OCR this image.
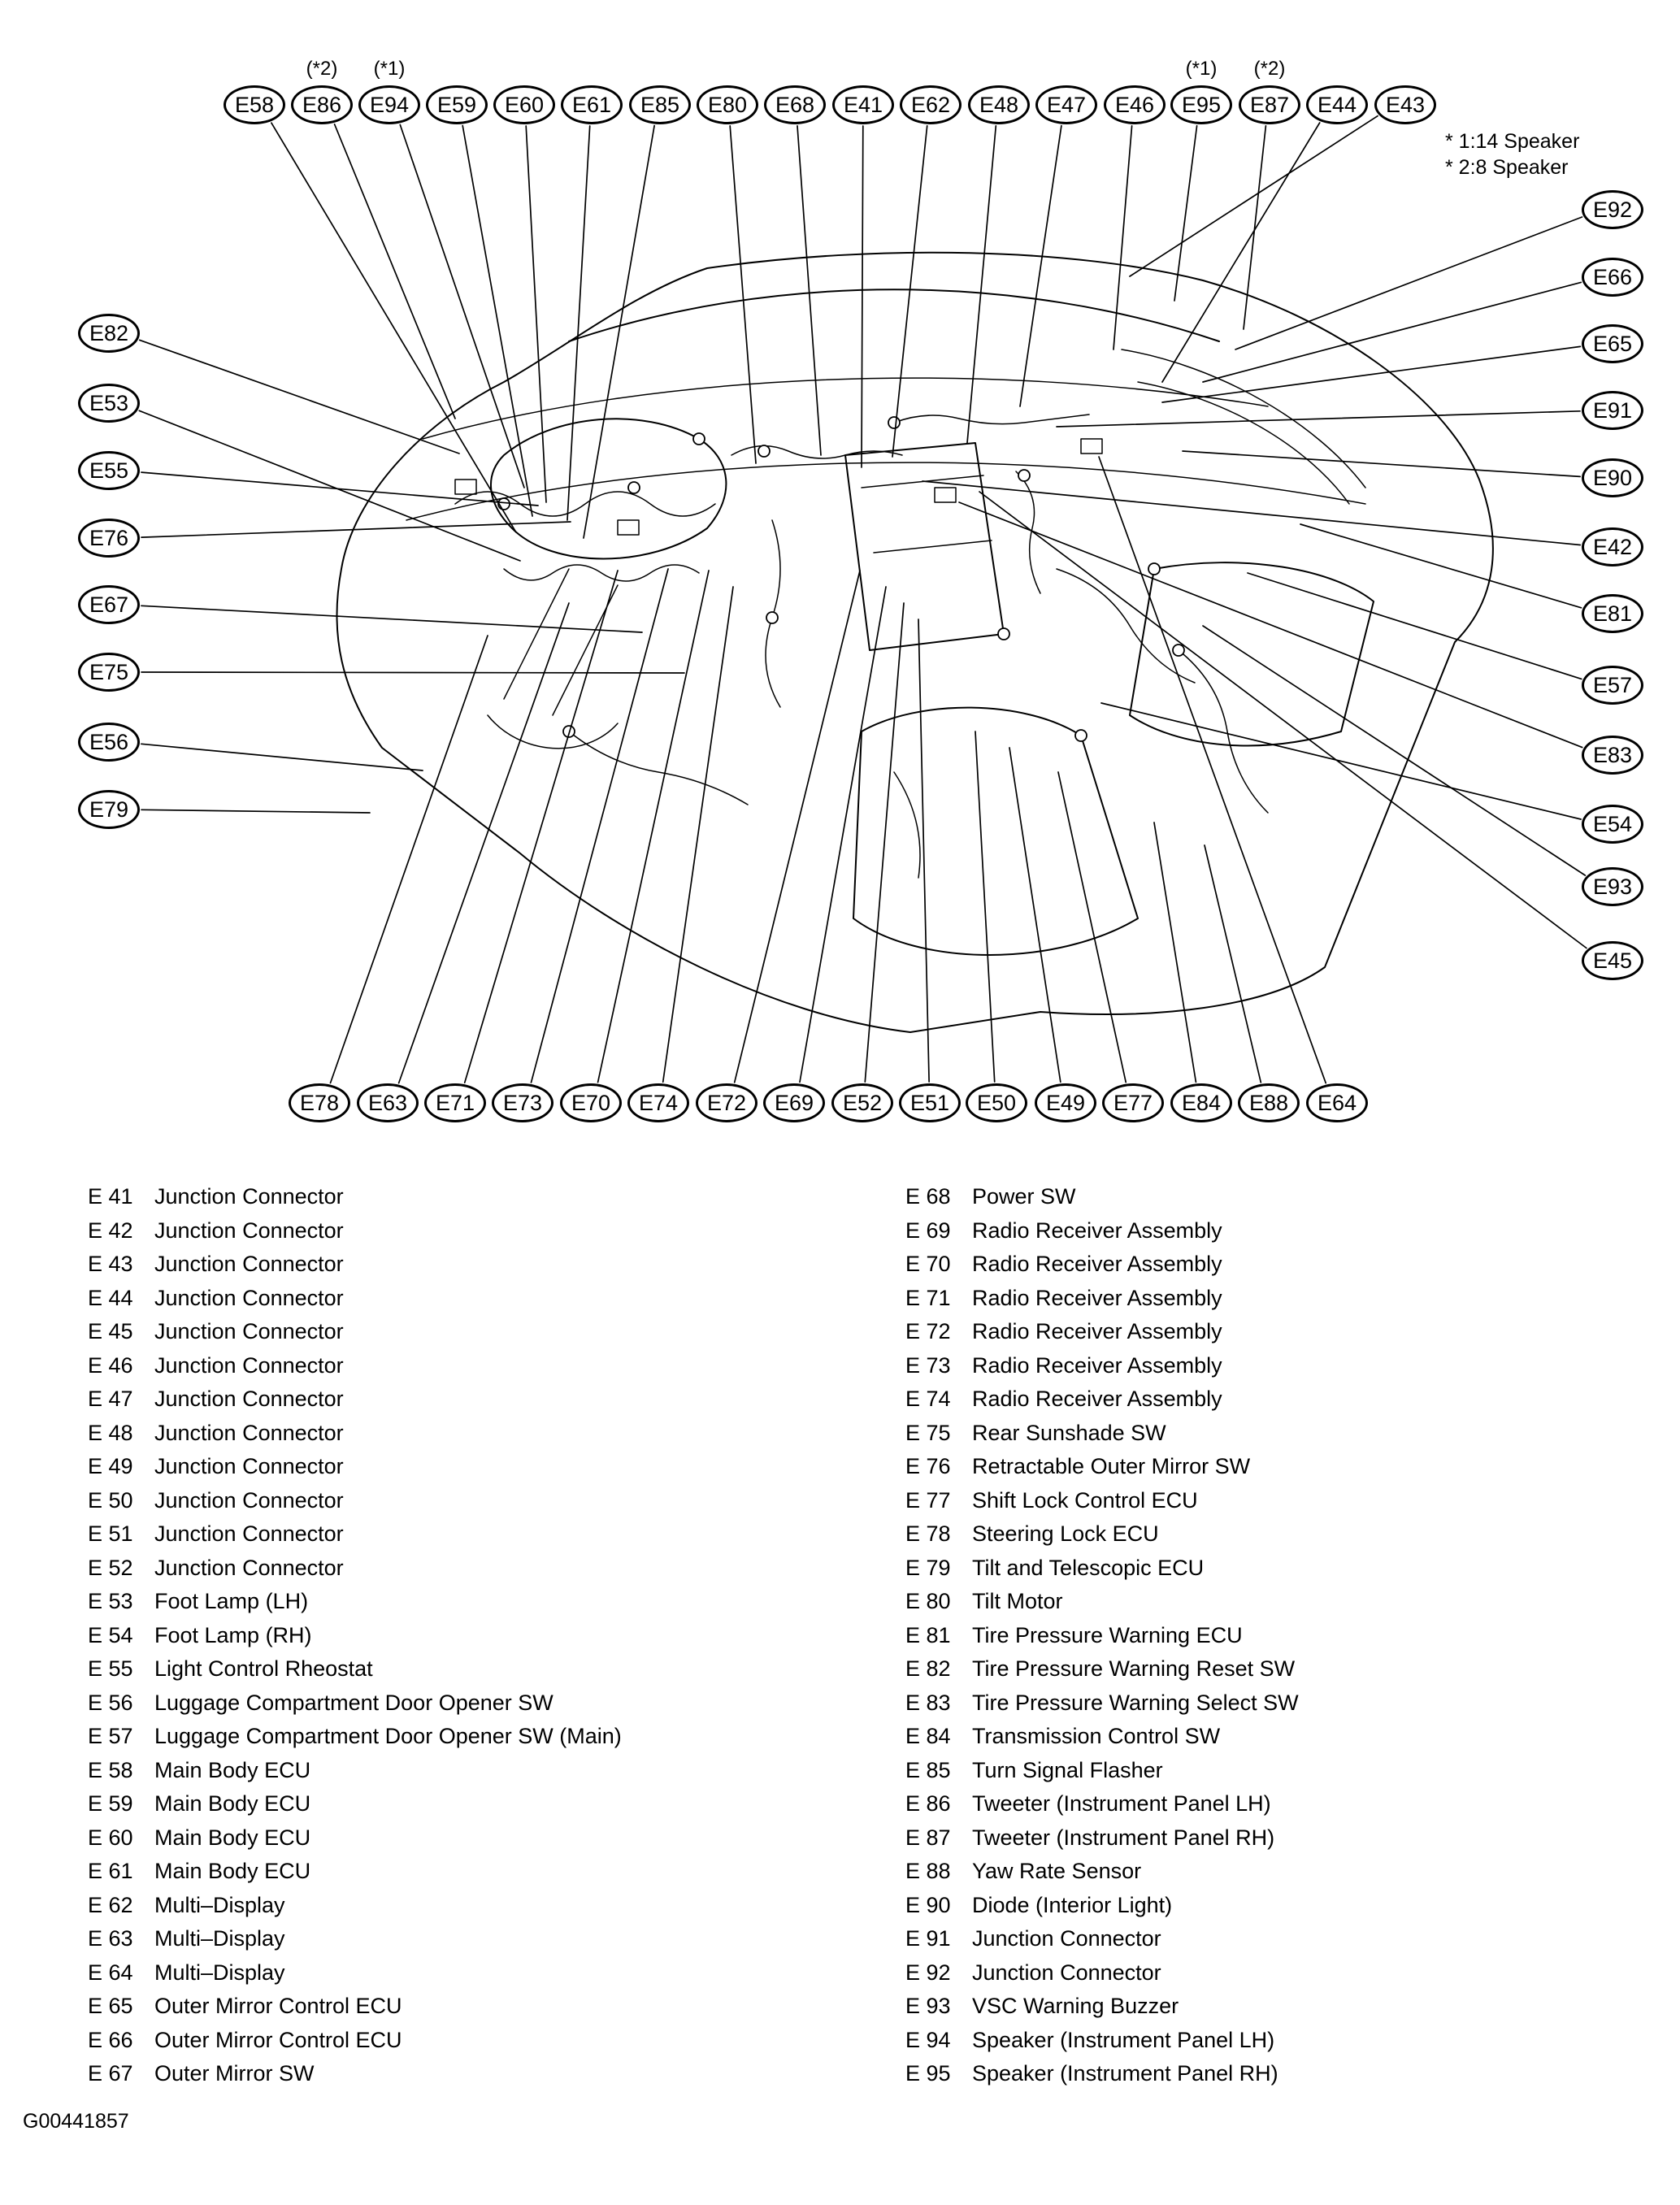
E58	E86
(*2)
E94
(*1)
E59	E60	E61	E85	E80	E68	E41	E62	E48	E47	E46	E95
(*1)
E87
(*2)
E44	E43
E92
E66
E65
E91
E90
E42
E81
E57
E83
E54
E93
E45
E82
E53
E55
E76
E67
E75
E56
E79
E78	E63	E71	E73	E70	E74	E72	E69	E52	E51	E50	E49	E77	E84	E88	E64
* 1:14 Speaker
* 2:8 Speaker
E 41 Junction Connector
E 42 Junction Connector
E 43 Junction Connector
E 44 Junction Connector
E 45 Junction Connector
E 46 Junction Connector
E 47 Junction Connector
E 48 Junction Connector
E 49 Junction Connector
E 50 Junction Connector
E 51 Junction Connector
E 52 Junction Connector
E 53 Foot Lamp (LH)
E 54 Foot Lamp (RH)
E 55 Light Control Rheostat
E 56 Luggage Compartment Door Opener SW
E 57 Luggage Compartment Door Opener SW (Main)
E 58 Main Body ECU
E 59 Main Body ECU
E 60 Main Body ECU
E 61 Main Body ECU
E 62 Multi–Display
E 63 Multi–Display
E 64 Multi–Display
E 65 Outer Mirror Control ECU
E 66 Outer Mirror Control ECU
E 67 Outer Mirror SW
E 68 Power SW
E 69 Radio Receiver Assembly
E 70 Radio Receiver Assembly
E 71 Radio Receiver Assembly
E 72 Radio Receiver Assembly
E 73 Radio Receiver Assembly
E 74 Radio Receiver Assembly
E 75 Rear Sunshade SW
E 76 Retractable Outer Mirror SW
E 77 Shift Lock Control ECU
E 78 Steering Lock ECU
E 79 Tilt and Telescopic ECU
E 80 Tilt Motor
E 81 Tire Pressure Warning ECU
E 82 Tire Pressure Warning Reset SW
E 83 Tire Pressure Warning Select SW
E 84 Transmission Control SW
E 85 Turn Signal Flasher
E 86 Tweeter (Instrument Panel LH)
E 87 Tweeter (Instrument Panel RH)
E 88 Yaw Rate Sensor
E 90 Diode (Interior Light)
E 91 Junction Connector
E 92 Junction Connector
E 93 VSC Warning Buzzer
E 94 Speaker (Instrument Panel LH)
E 95 Speaker (Instrument Panel RH)
G00441857
